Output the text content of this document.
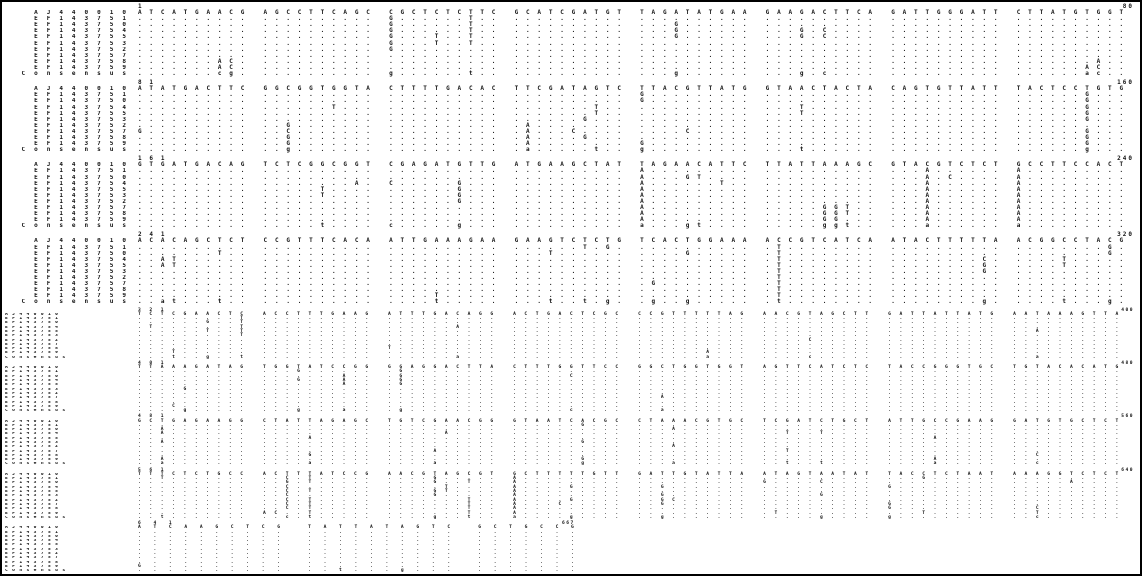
1	80
AJ440010 ATCATGAACG AGCCTTCAGC CGCTCTCTTC GCATCGATGT TAGATATGAA GAAGACTTCA GATTGGGATT CTTATGTGGT
EF143751 .......... .......... G......T.. .......... .......... .......... .......... ..........
EF143750 .......... .......... G......T.. .......... ...G...... .......... .......... ..........
EF143754 .......... .......... G......T.. .......... ...G...... ...G.C.... .......... ..........
EF143755 .......... .......... G...T..T.. .......... ...G...... ...G.C.... .......... ..........
EF143753 .......... .......... G...T..T.. .......... .......... .......... .......... ..........
EF143752 .......... .......... G......... .......... .......... .......... .......... ..........
EF143757 .......... .......... .......... .......... .......... .......... .......... ..........
EF143758 .......AC. .......... .......... .......... .......... .......... .......... .......A..
EF143759 .......AC. .......... .......... .......... .......... .......... .......... ......AC..
Consensus .......cg. .......... g......t.. .......... ...g...... ...g.c.... .......... ......ac..
81	160
AJ440010 ATATGACTTC GGCGGTGGTA CTTTTGACAC TTCGATAGTC TTACGTTATG GTAACTACTA CAGTGTTATT TACTCCTGTG
EF143751 .......... .......... .......... .......... G......... .......... .......... ......G...
EF143750 .......... .......... .......... .......... G......... .......... .......... ......G...
EF143754 .......... ......T... .......... .......T.. .......... ...T...... .......... ......G...
EF143755 .......... .......... .......... .......T.. .......... ...T...... .......... ......G...
EF143753 .......... .......... .......... ......G... .......... .......... .......... ......G...
EF143752 .......... ..G....... .......... .A........ .......... .......... .......... ..........
EF143757 G......... ..C....... .......... .A...C.... ....C..... .......... .......... ......G...
EF143758 .......... ..G....... .......... .A....G... .......... .......... .......... ......G...
EF143759 .......... ..G....... .......... .A........ G......... .......... .......... ......G...
Consensus .......... ..g....... .......... .a.....t.. g......... ...t...... .......... ......g...
161	240
AJ440010 GTGATGACAG TCTCGGCGGT CGAGATGTTG ATGAAGCTAT TAGAACATTC TTATTAAAGC GTACGTCTCT GCCTTCCACT
EF143751 .......... .......... .......... .......... A......... .......... ...A...... A.........
EF143750 .......... .......... .......... .......... A...GT.... .......... ...A.C.... A.........
EF143754 .......... ........A. C.....G... .......... A......T.. .......... ...A...... A.........
EF143755 .......... .....T.... ......G... .......... A......... .......... ...A...... A.........
EF143753 .......... .....T.... ......G... .......... A......... .......... ...A...... A.........
EF143752 .......... .......... ......G... .......... A......... .......... ...A...... A.........
EF143757 .......... .......... .......... .......... A......... .....GGT.. ...A...... A.........
EF143758 .......... .......... .......... .......... A......... .....GGT.. ...A...... A.........
EF143759 .......... .......... .......... .......... A......... .....GG... ...A...... A.........
Consensus .......... .....t.... c.....g... .......... a...gt.... .....ggt.. ...a...... a.........
241	320
AJ440010 ACACAGCTCT CCGTTTCACA ATTGAAAGAA GAAGTCTCTG TCACTGGAAA ACCGTCATCA ATACTTTTTA ACGGCCTACG
EF143751 .......... .......... .......... ......T.G. .......... .T........ .......... ........G.
EF143750 .......T.. .......... .......... ...T...... ....G..... .T........ .......... ........G.
EF143754 ..AT...... .......... .......... .......... .......... .T........ ........C. ....T.....
EF143755 ..AT...... .......... .......... .......... .......... .T........ ........G. ....T.....
EF143753 .......... .......... .......... .......... .......... .T........ ........G. ..........
EF143752 .......... .......... .......... .......... .......... .T........ .......... ..........
EF143757 .......... .......... .......... .......... .G........ .T........ .......... ..........
EF143758 .......... .......... .......... .......... .......... .T........ .......... ..........
EF143759 .......... .......... ....T..... .......... .......... .T........ .......... ..........
Consensus ..at...t.. .......... ....t..... ...t..t.g. .g..g..... .t........ ........g. ....t...g.
321	400
AJ440010	TCTCGAACTC ACCTTTGAAG ATTTGACAGG ACTGACTCGC CCGTTTTTAG AACGTAGCTT GATTATTATG AATAAAGTTA
EF143751	.........T .......... .......... .......... .......... .......... .......... ..........
EF143750	......G..T .......... .......... .......... .......... .......... .......... ..........
EF143754	.T.......T .......... ......A... .......... .......... .......... .......... ..........
EF143755	......T..T .......... .......... .......... .......... .......... .......... ..A.......
EF143753	.........T .......... .......... .......... .......... .......... .......... ..........
EF143752	.......... .......... .......... .......... .......... ....C..... .......... ..........
EF143757	.......... .......... .......... .......... .......... .......... .......... ..........
EF143758	.......... .......... T......... .......... .......... .......... .......... ..........
EF143759	...T...... .......... .......... .......... ......A... .......... .......... ..........
Consensus	...t..g..t .......... ......a... .......... ......a... ....c..... .......... ..a.......
401	480
AJ440010	TTAAAGATAG TGGTATCCGG GGAGGACTTA CTTTGGTTCC GGCTGGTGGT AGTTCATCTC TACCGGGTGC TGTACACATG
EF143751	.......... ...G...... .G........ .......... .......... .......... .......... ..........
EF143750	.......... .......A.. .G........ .....C.... .......... .......... .......... ..........
EF143754	.......... ...G...A.. .G........ .......... .......... .......... .......... ..........
EF143755	.......... .......A.. .G........ .......... .......... .......... .......... ..........
EF143753	....G..... .......... .......... .......... .......... .......... .......... ..........
EF143752	.......... .......... .......... .......... .......... .......... .......... ..........
EF143757	.......... .......... .......... .......... ..A....... .......... .......... ..........
EF143758	.......... .......... .......... .......... .......... .......... .......... ..........
EF143759	...C...... .......... .......... .......... .......... .......... .......... ..........
Consensus	....g..... ...g...a.. .g........ .....c.... ..a....... .......... .......... ..........
481	560
AJ440010	GCTGAGAAGG CTATTAGAGC TGTCGAACGG GTAATCACGC CTAAACGTGC TCGATCTGCT ATTGCCGAAG GATGTGCTCT
EF143751	.......... .......... .......... ......G... .......... .......... .......... ..........
EF143750	..A....... .......... .......... .......... ...A...... .......... .......... ..........
EF143754	..A....... .......... .....A.... .......... .......... ..T..T.... .......... ..........
EF143755	.......... ....A..... .......... .......... .......... .......... ....A..... ..........
EF143753	..A....... .......... .......... ......G... .......... .......... .......... ..........
EF143752	.......... .......... .......... .......... ...A...... .......... .......... ..........
EF143757	.......... .......... ....A..... .......... .......... ..T....... .......... ..........
EF143758	.......... ....G..... .......... .......... .......... .......... .......... ..C.......
EF143759	..A....... .......... .......... ......G... .......... .......... ....A..... ..........
Consensus	..a....... ....a..... ....a..... ......g... ...a...... ..t..t.... ....a..... ..c.......
561	640
AJ440010	TTTCTCTGCC ACTTTATCCG AACGTAGCGT GCTTTTTGTT GATTGTATTA ATAGTAATAT TACCTCTAAT AAAGGTCTCT
EF143751	..T....... ..C.T..... ....G..... A......... .......... .......... ...G...... ..........
EF143750	.......... ..G.T..... ....G..T.. A......... .......... G....C.... .......... .....A....
EF143754	.......... ..C....... .....T.... A....G.... ..G....... .......... G......... ..........
EF143755	.......... ..C.T..... ....GT.... A......... .......... .......... .......... ..........
EF143753	.......... ..C....... ....G..... A......... ..G....... .....G.... .......... ..........
EF143752	.......... ..C.T..... .......T.. A....G.... ..GC...... .......... .......... ..........
EF143757	.......... ..C.T..... .......T.. A...C..... ..G....... .......... G......... ..........
EF143758	.......... ..C.T..... .......T.. A......... .......... .......... G......... ..C.......
EF143759	.......... AC..T..... .......T.. A......... .......... .T........ ...T...... ..T.......
Consensus	..t....... ..c.t..... ....g..t.. a....g.... ..g....... .....g.... g......... ..c.......
641	667
AJ440010	ATCAAGCTCG TATTATAGTC GCTGCCG
EF143751	.......... .......... .......
EF143750	.......... .......... .......
EF143754	.......... .......... .......
EF143755	.......... .......... .......
EF143753	.......... .......... .......
EF143752	.......... .......... .......
EF143757	.......... .......... .......
EF143758	.......... .......... .......
EF143759	G......... .......... .......
Consensus	.......... ..t...g... .......
